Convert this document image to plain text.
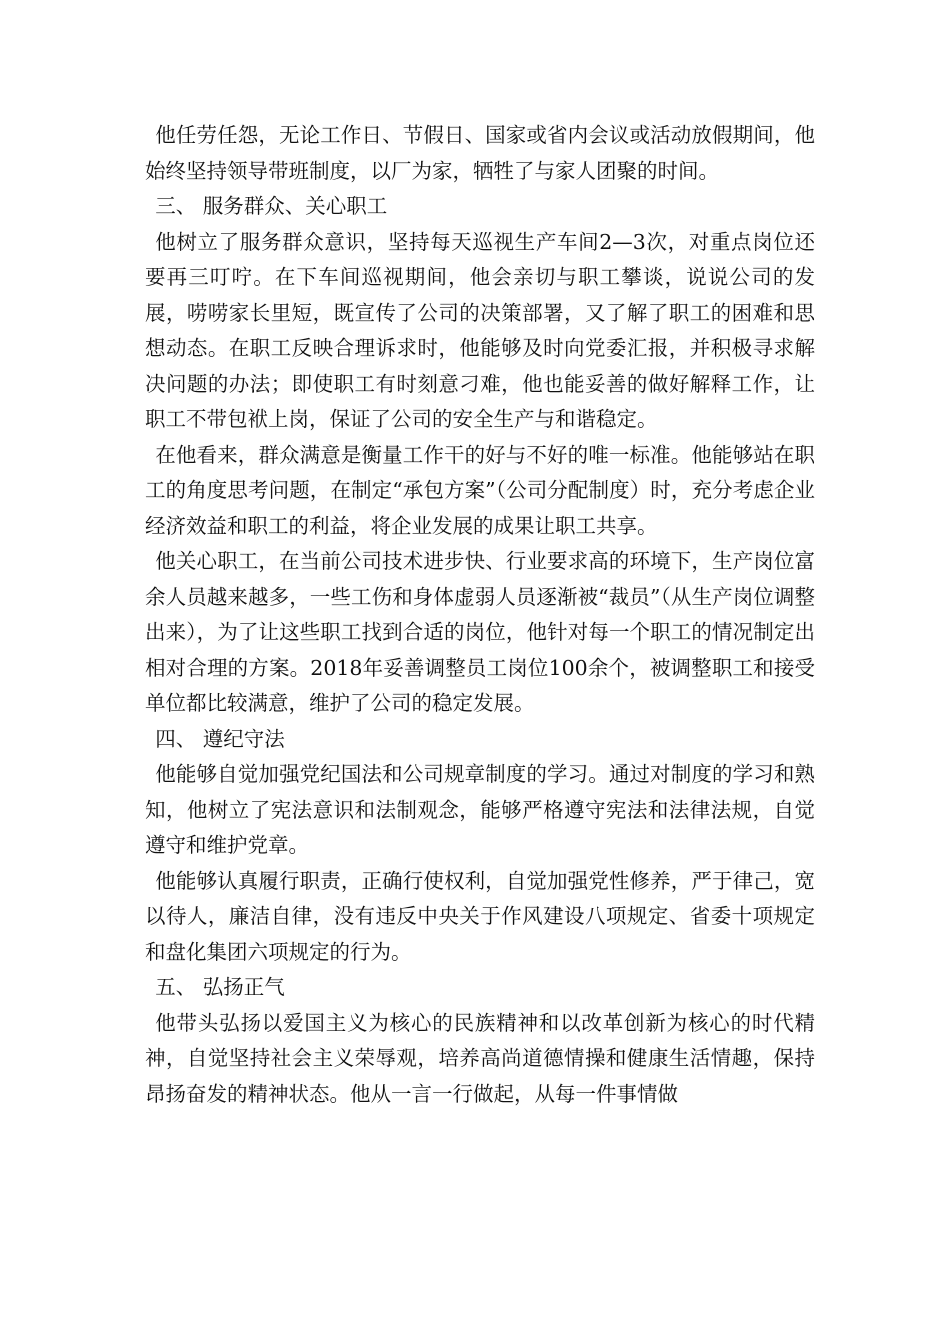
他任劳任怨，无论工作日、节假日、国家或省内会议或活动放假期间，他始终坚持领导带班制度，以厂为家，牺牲了与家人团聚的时间。

三、 服务群众、关心职工

他树立了服务群众意识，坚持每天巡视生产车间2—3次，对重点岗位还要再三叮咛。在下车间巡视期间，他会亲切与职工攀谈，说说公司的发展，唠唠家长里短，既宣传了公司的决策部署，又了解了职工的困难和思想动态。在职工反映合理诉求时，他能够及时向党委汇报，并积极寻求解决问题的办法；即使职工有时刻意刁难，他也能妥善的做好解释工作，让职工不带包袱上岗，保证了公司的安全生产与和谐稳定。

在他看来，群众满意是衡量工作干的好与不好的唯一标准。他能够站在职工的角度思考问题，在制定“承包方案”（公司分配制度）时，充分考虑企业经济效益和职工的利益，将企业发展的成果让职工共享。

他关心职工，在当前公司技术进步快、行业要求高的环境下，生产岗位富余人员越来越多，一些工伤和身体虚弱人员逐渐被“裁员”（从生产岗位调整出来），为了让这些职工找到合适的岗位，他针对每一个职工的情况制定出相对合理的方案。2018年妥善调整员工岗位100余个，被调整职工和接受单位都比较满意，维护了公司的稳定发展。

四、 遵纪守法

他能够自觉加强党纪国法和公司规章制度的学习。通过对制度的学习和熟知，他树立了宪法意识和法制观念，能够严格遵守宪法和法律法规，自觉遵守和维护党章。

他能够认真履行职责，正确行使权利，自觉加强党性修养，严于律己，宽以待人，廉洁自律，没有违反中央关于作风建设八项规定、省委十项规定和盘化集团六项规定的行为。

五、 弘扬正气

他带头弘扬以爱国主义为核心的民族精神和以改革创新为核心的时代精神，自觉坚持社会主义荣辱观，培养高尚道德情操和健康生活情趣，保持昂扬奋发的精神状态。他从一言一行做起，从每一件事情做
